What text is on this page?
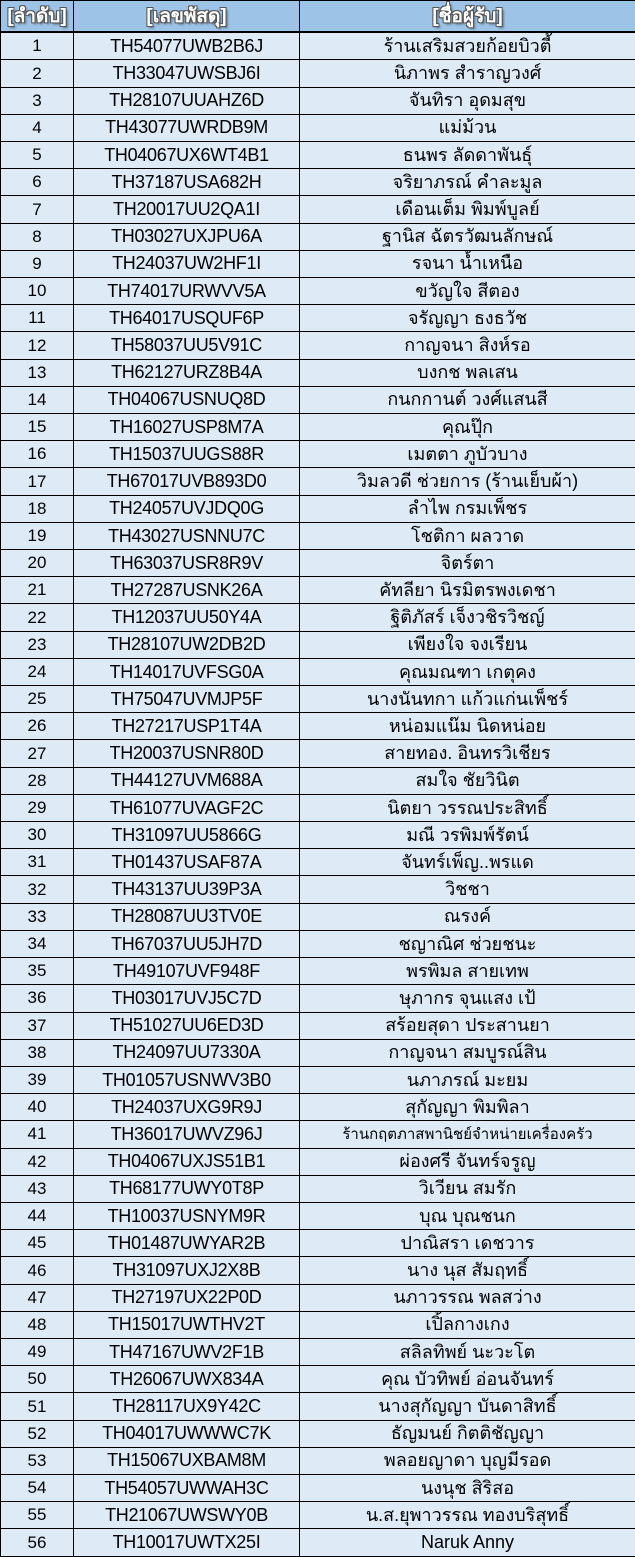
[ลำดับ]	[เลขพัสดุ]	[ชื่อผู้รับ]
1	TH54077UWB2B6J	ร้านเสริมสวยก้อยบิวตี้
2	TH33047UWSBJ6I	นิภาพร สำราญวงศ์
3	TH28107UUAHZ6D	จันทิรา อุดมสุข
4	TH43077UWRDB9M	แม่ม้วน
5	TH04067UX6WT4B1	ธนพร ลัดดาพันธุ์
6	TH37187USA682H	จริยาภรณ์ คำละมูล
7	TH20017UU2QA1I	เดือนเต็ม พิมพ์บูลย์
8	TH03027UXJPU6A	ฐานิส ฉัตรวัฒนลักษณ์
9	TH24037UW2HF1I	รจนา น้ำเหนือ
10	TH74017URWVV5A	ขวัญใจ สีตอง
11	TH64017USQUF6P	จรัญญา ธงธวัช
12	TH58037UU5V91C	กาญจนา สิงห์รอ
13	TH62127URZ8B4A	บงกช พลเสน
14	TH04067USNUQ8D	กนกกานต์ วงศ์แสนสี
15	TH16027USP8M7A	คุณปุ๊ก
16	TH15037UUGS88R	เมตตา ภูบัวบาง
17	TH67017UVB893D0	วิมลวดี ช่วยการ (ร้านเย็บผ้า)
18	TH24057UVJDQ0G	ลำไพ กรมเพ็ชร
19	TH43027USNNU7C	โชติกา ผลวาด
20	TH63037USR8R9V	จิตร์ตา
21	TH27287USNK26A	คัทลียา นิรมิตรพงเดชา
22	TH12037UU50Y4A	ฐิติภัสร์ เจ็งวชิรวิชญ์
23	TH28107UW2DB2D	เพียงใจ จงเรียน
24	TH14017UVFSG0A	คุณมณฑา เกตุคง
25	TH75047UVMJP5F	นางนันทกา แก้วแก่นเพ็ชร์
26	TH27217USP1T4A	หน่อมแน๊ม นิดหน่อย
27	TH20037USNR80D	สายทอง. อินทรวิเชียร
28	TH44127UVM688A	สมใจ ชัยวินิต
29	TH61077UVAGF2C	นิตยา วรรณประสิทธิ์
30	TH31097UU5866G	มณี วรพิมพ์รัตน์
31	TH01437USAF87A	จันทร์เพ็ญ..พรแด
32	TH43137UU39P3A	วิชชา
33	TH28087UU3TV0E	ณรงค์
34	TH67037UU5JH7D	ชญาณิศ ช่วยชนะ
35	TH49107UVF948F	พรพิมล สายเทพ
36	TH03017UVJ5C7D	ษุภากร จุนแสง เป้
37	TH51027UU6ED3D	สร้อยสุดา ประสานยา
38	TH24097UU7330A	กาญจนา สมบูรณ์สิน
39	TH01057USNWV3B0	นภาภรณ์ มะยม
40	TH24037UXG9R9J	สุกัญญา พิมพิลา
41	TH36017UWVZ96J	ร้านกฤตภาสพานิชย์จำหน่ายเครื่องครัว
42	TH04067UXJS51B1	ผ่องศรี จันทร์จรูญ
43	TH68177UWY0T8P	วิเวียน สมรัก
44	TH10037USNYM9R	บุณ บุณชนก
45	TH01487UWYAR2B	ปาณิสรา เดชวาร
46	TH31097UXJ2X8B	นาง นุส สัมฤทธิ์
47	TH27197UX22P0D	นภาวรรณ พลสว่าง
48	TH15017UWTHV2T	เปิ้ลกางเกง
49	TH47167UWV2F1B	สลิลทิพย์ นะวะโต
50	TH26067UWX834A	คุณ บัวทิพย์ อ่อนจันทร์
51	TH28117UX9Y42C	นางสุกัญญา บันดาสิทธิ์
52	TH04017UWWWC7K	ธัญมนย์ กิตติชัญญา
53	TH15067UXBAM8M	พลอยญาดา บุญมีรอด
54	TH54057UWWAH3C	นงนุช สิริสอ
55	TH21067UWSWY0B	น.ส.ยุพาวรรณ ทองบริสุทธิ์
56	TH10017UWTX25I	Naruk Anny
